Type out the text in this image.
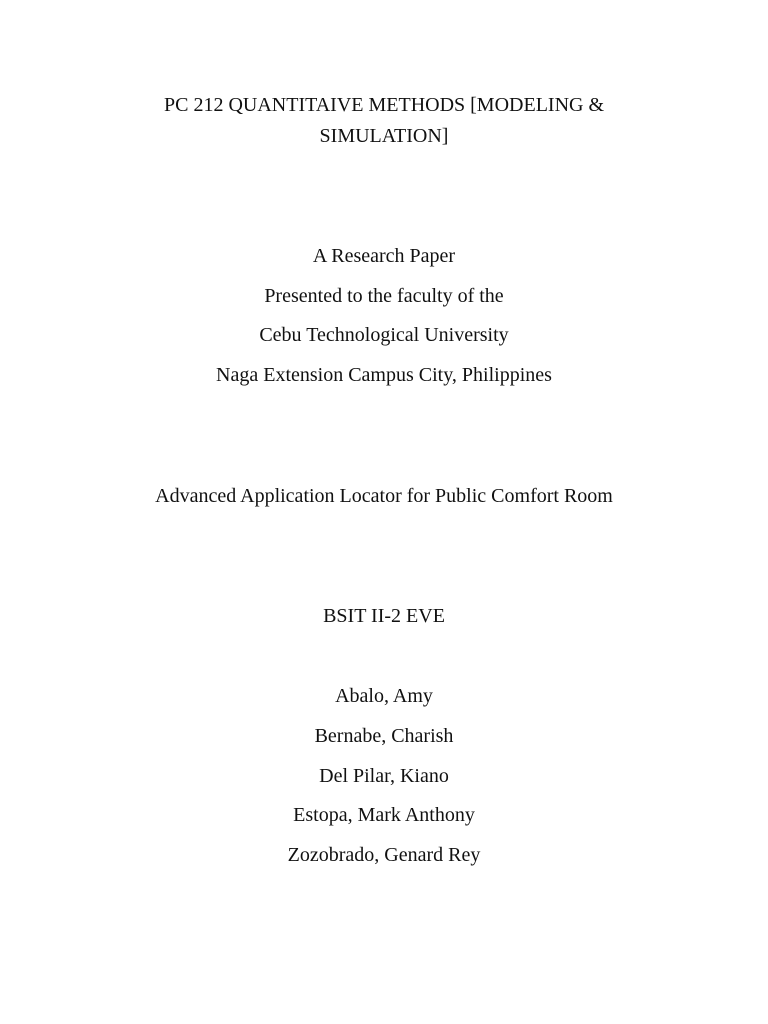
PC 212 QUANTITAIVE METHODS [MODELING &
SIMULATION]
A Research Paper
Presented to the faculty of the
Cebu Technological University
Naga Extension Campus City, Philippines
Advanced Application Locator for Public Comfort Room
BSIT II-2 EVE
Abalo, Amy
Bernabe, Charish
Del Pilar, Kiano
Estopa, Mark Anthony
Zozobrado, Genard Rey
